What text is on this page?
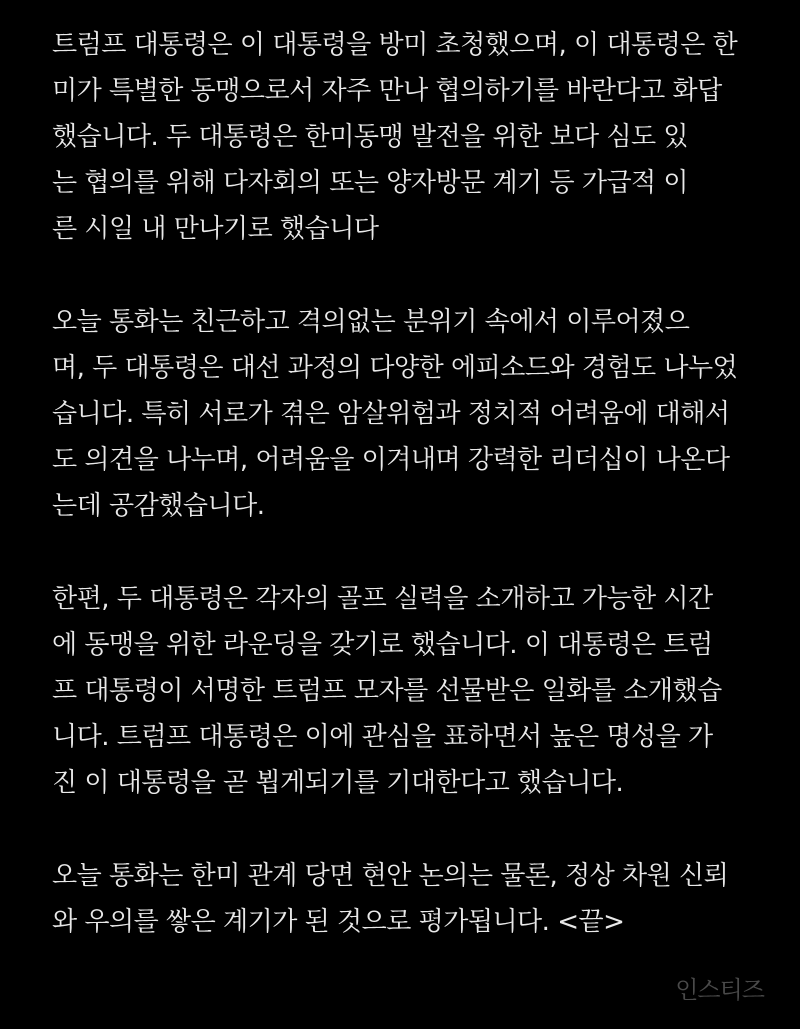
트럼프 대통령은 이 대통령을 방미 초청했으며, 이 대통령은 한
미가 특별한 동맹으로서 자주 만나 협의하기를 바란다고 화답
했습니다. 두 대통령은 한미동맹 발전을 위한 보다 심도 있
는 협의를 위해 다자회의 또는 양자방문 계기 등 가급적 이
른 시일 내 만나기로 했습니다
오늘 통화는 친근하고 격의없는 분위기 속에서 이루어졌으
며, 두 대통령은 대선 과정의 다양한 에피소드와 경험도 나누었
습니다. 특히 서로가 겪은 암살위험과 정치적 어려움에 대해서
도 의견을 나누며, 어려움을 이겨내며 강력한 리더십이 나온다
는데 공감했습니다.
한편, 두 대통령은 각자의 골프 실력을 소개하고 가능한 시간
에 동맹을 위한 라운딩을 갖기로 했습니다. 이 대통령은 트럼
프 대통령이 서명한 트럼프 모자를 선물받은 일화를 소개했습
니다. 트럼프 대통령은 이에 관심을 표하면서 높은 명성을 가
진 이 대통령을 곧 뵙게되기를 기대한다고 했습니다.
오늘 통화는 한미 관계 당면 현안 논의는 물론, 정상 차원 신뢰
와 우의를 쌓은 계기가 된 것으로 평가됩니다. <끝>
인스티즈
